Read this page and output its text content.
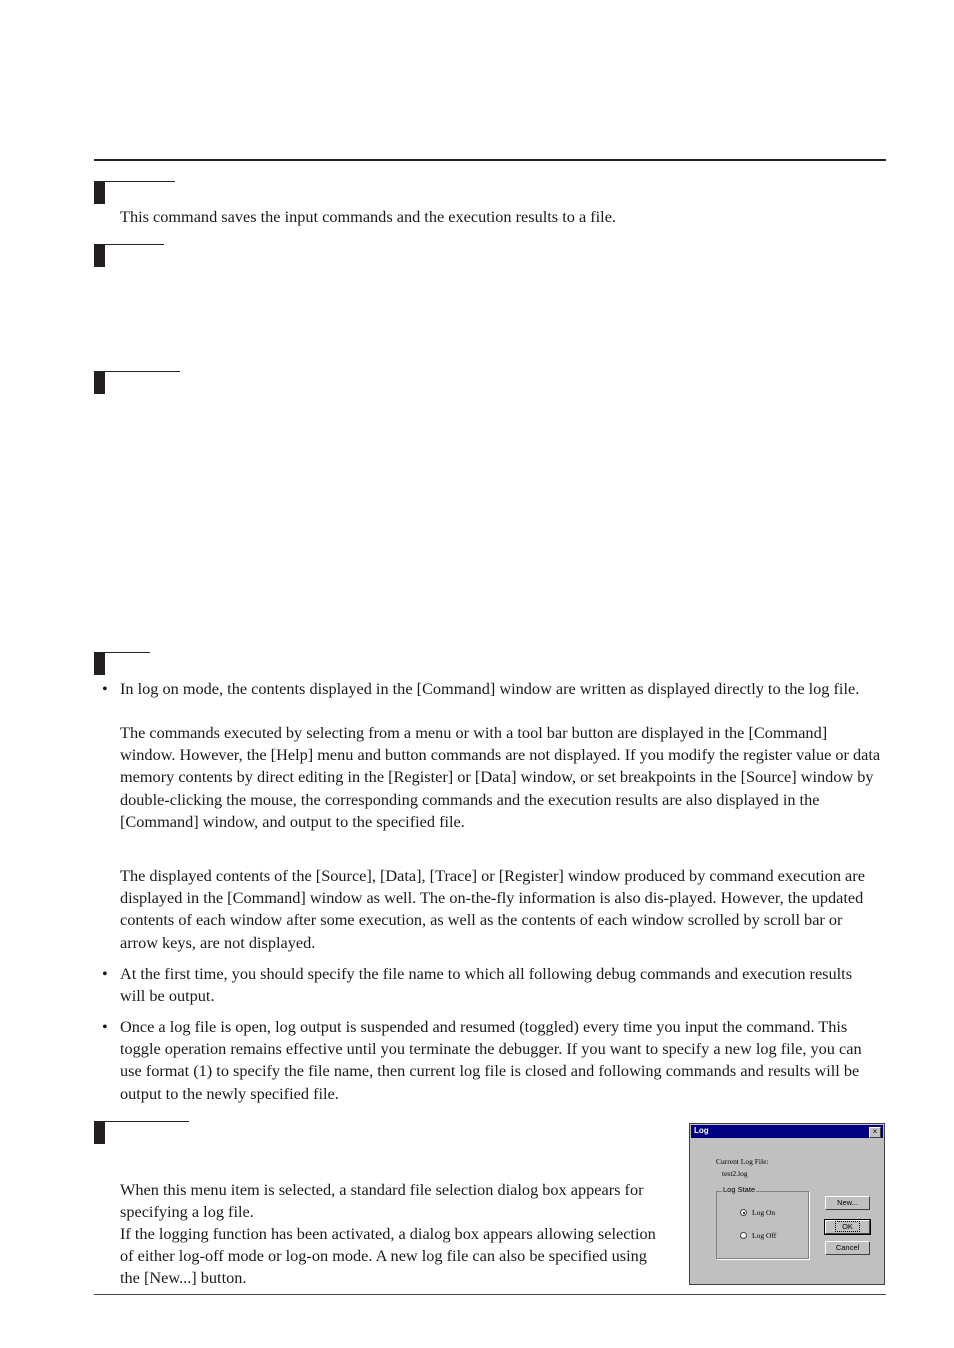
This command saves the input commands and the execution results to a file.

• In log on mode, the contents displayed in the [Command] window are written as displayed directly to the log file.

The commands executed by selecting from a menu or with a tool bar button are displayed in the [Command] window. However, the [Help] menu and button commands are not displayed. If you modify the register value or data memory contents by direct editing in the [Register] or [Data] window, or set breakpoints in the [Source] window by double-clicking the mouse, the corresponding commands and the execution results are also displayed in the [Command] window, and output to the specified file.

The displayed contents of the [Source], [Data], [Trace] or [Register] window produced by command execution are displayed in the [Command] window as well. The on-the-fly information is also dis-played. However, the updated contents of each window after some execution, as well as the contents of each window scrolled by scroll bar or arrow keys, are not displayed.

• At the first time, you should specify the file name to which all following debug commands and execution results will be output.

• Once a log file is open, log output is suspended and resumed (toggled) every time you input the command. This toggle operation remains effective until you terminate the debugger. If you want to specify a new log file, you can use format (1) to specify the file name, then current log file is closed and following commands and results will be output to the newly specified file.

When this menu item is selected, a standard file selection dialog box appears for specifying a log file.

If the logging function has been activated, a dialog box appears allowing selection of either log-off mode or log-on mode. A new log file can also be specified using the [New...] button.

Log	×
Current Log File:
test2.log
Log State
Log On
Log Off
New...
OK
Cancel
